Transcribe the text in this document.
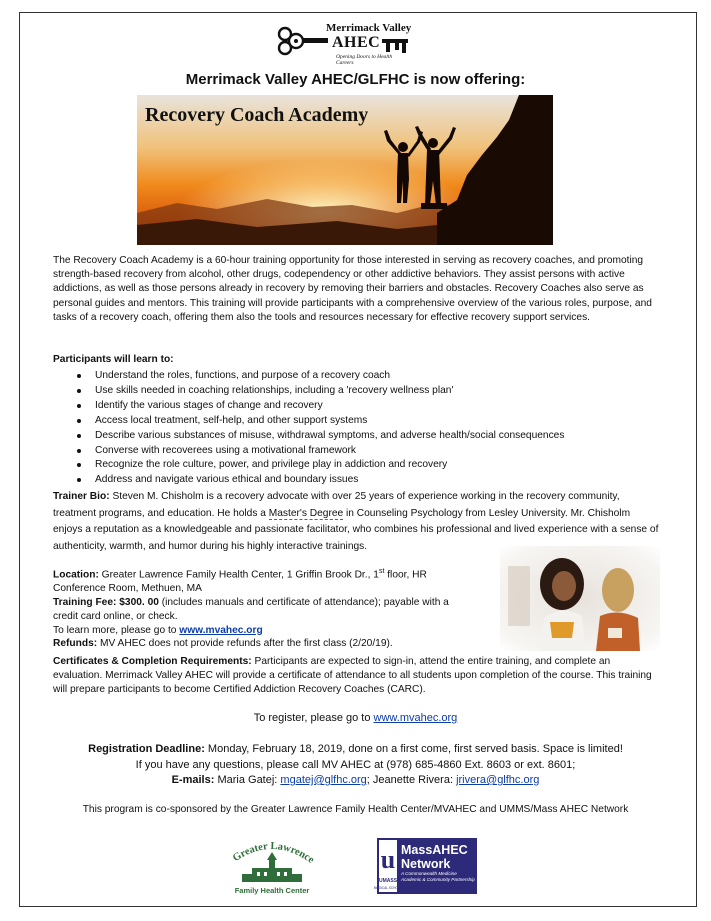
Merrimack Valley
AHEC
Opening Doors to Health Careers
Merrimack Valley AHEC/GLFHC is now offering:
Recovery Coach Academy
The Recovery Coach Academy is a 60-hour training opportunity for those interested in serving as recovery coaches, and promoting strength-based recovery from alcohol, other drugs, codependency or other addictive behaviors. They assist persons with active addictions, as well as those persons already in recovery by removing their barriers and obstacles. Recovery Coaches also serve as personal guides and mentors. This training will provide participants with a comprehensive overview of the various roles, purpose, and tasks of a recovery coach, offering them also the tools and resources necessary for effective recovery support services.
Participants will learn to:
Understand the roles, functions, and purpose of a recovery coach
Use skills needed in coaching relationships, including a 'recovery wellness plan'
Identify the various stages of change and recovery
Access local treatment, self-help, and other support systems
Describe various substances of misuse, withdrawal symptoms, and adverse health/social consequences
Converse with recoverees using a motivational framework
Recognize the role culture, power, and privilege play in addiction and recovery
Address and navigate various ethical and boundary issues
Trainer Bio: Steven M. Chisholm is a recovery advocate with over 25 years of experience working in the recovery community, treatment programs, and education. He holds a Master's Degree in Counseling Psychology from Lesley University. Mr. Chisholm enjoys a reputation as a knowledgeable and passionate facilitator, who combines his professional and lived experience with a sense of authenticity, warmth, and humor during his highly interactive trainings.
Location: Greater Lawrence Family Health Center, 1 Griffin Brook Dr., 1st floor, HR Conference Room, Methuen, MA
Training Fee: $300. 00 (includes manuals and certificate of attendance); payable with a credit card online, or check.
To learn more, please go to www.mvahec.org
Refunds: MV AHEC does not provide refunds after the first class (2/20/19).
Certificates & Completion Requirements: Participants are expected to sign-in, attend the entire training, and complete an evaluation. Merrimack Valley AHEC will provide a certificate of attendance to all students upon completion of the course. This training will prepare participants to become Certified Addiction Recovery Coaches (CARC).
To register, please go to www.mvahec.org
Registration Deadline: Monday, February 18, 2019, done on a first come, first served basis. Space is limited!
If you have any questions, please call MV AHEC at (978) 685-4860 Ext. 8603 or ext. 8601;
E-mails: Maria Gatej: mgatej@glfhc.org; Jeanette Rivera: jrivera@glfhc.org
This program is co-sponsored by the Greater Lawrence Family Health Center/MVAHEC and UMMS/Mass AHEC Network
Greater Lawrence
Family Health Center
u
UMASS
MEDICAL SCHOOL
MassAHEC
Network
A Commonwealth Medicine Academic & Community Partnership
